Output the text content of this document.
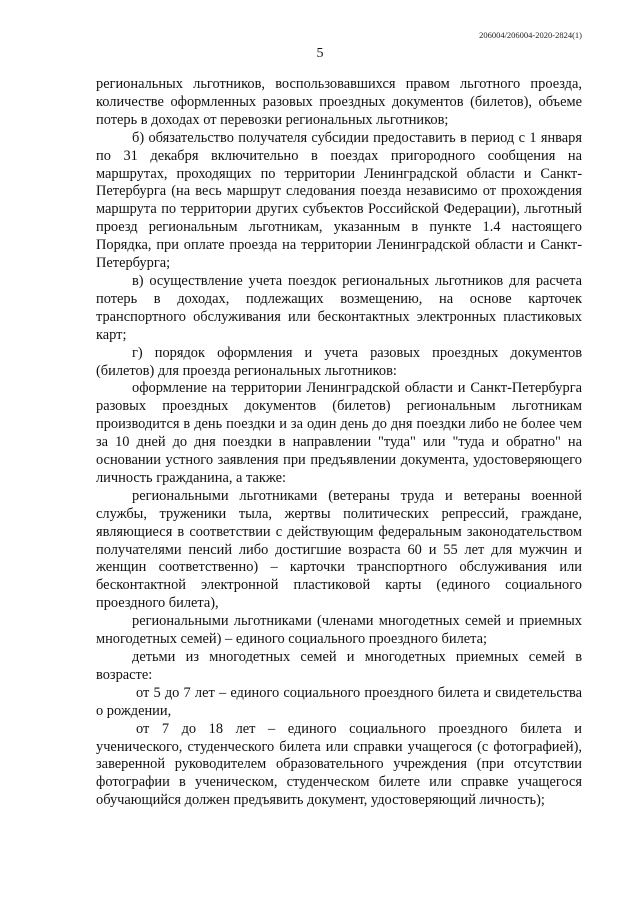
206004/206004-2020-2824(1)
5

региональных льготников, воспользовавшихся правом льготного проезда, количестве оформленных разовых проездных документов (билетов), объеме потерь в доходах от перевозки региональных льготников;

б) обязательство получателя субсидии предоставить в период с 1 января по 31 декабря включительно в поездах пригородного сообщения на маршрутах, проходящих по территории Ленинградской области и Санкт-Петербурга (на весь маршрут следования поезда независимо от прохождения маршрута по территории других субъектов Российской Федерации), льготный проезд региональным льготникам, указанным в пункте 1.4 настоящего Порядка, при оплате проезда на территории Ленинградской области и Санкт-Петербурга;

в) осуществление учета поездок региональных льготников для расчета потерь в доходах, подлежащих возмещению, на основе карточек транспортного обслуживания или бесконтактных электронных пластиковых карт;

г) порядок оформления и учета разовых проездных документов (билетов) для проезда региональных льготников:

оформление на территории Ленинградской области и Санкт-Петербурга разовых проездных документов (билетов) региональным льготникам производится в день поездки и за один день до дня поездки либо не более чем за 10 дней до дня поездки в направлении "туда" или "туда и обратно" на основании устного заявления при предъявлении документа, удостоверяющего личность гражданина, а также:

региональными льготниками (ветераны труда и ветераны военной службы, труженики тыла, жертвы политических репрессий, граждане, являющиеся в соответствии с действующим федеральным законодательством получателями пенсий либо достигшие возраста 60 и 55 лет для мужчин и женщин соответственно) – карточки транспортного обслуживания или бесконтактной электронной пластиковой карты (единого социального проездного билета),

региональными льготниками (членами многодетных семей и приемных многодетных семей) – единого социального проездного билета;

детьми из многодетных семей и многодетных приемных семей в возрасте:

от 5 до 7 лет – единого социального проездного билета и свидетельства о рождении,

от 7 до 18 лет – единого социального проездного билета и ученического, студенческого билета или справки учащегося (с фотографией), заверенной руководителем образовательного учреждения (при отсутствии фотографии в ученическом, студенческом билете или справке учащегося обучающийся должен предъявить документ, удостоверяющий личность);
